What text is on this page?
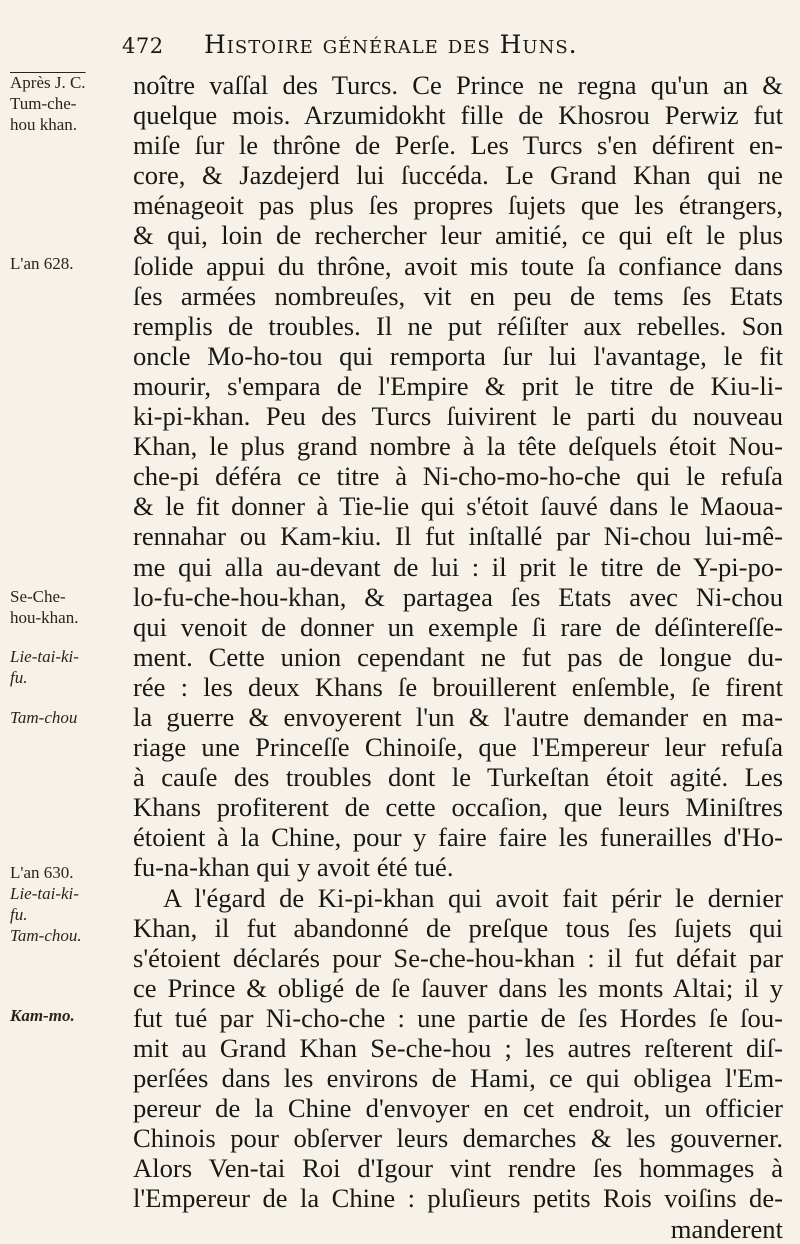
472 Histoire générale des Huns.
Après J. C.
Tum-che-
hou khan.
L'an 628.
Se-Che-
hou-khan.
Lie-tai-ki-
fu.
Tam-chou
L'an 630.
Lie-tai-ki-
fu.
Tam-chou.
Kam-mo.
noître vaſſal des Turcs. Ce Prince ne regna qu'un an &
quelque mois. Arzumidokht fille de Khosrou Perwiz fut
miſe ſur le thrône de Perſe. Les Turcs s'en défirent en-
core, & Jazdejerd lui ſuccéda. Le Grand Khan qui ne
ménageoit pas plus ſes propres ſujets que les étrangers,
& qui, loin de rechercher leur amitié, ce qui eſt le plus
ſolide appui du thrône, avoit mis toute ſa confiance dans
ſes armées nombreuſes, vit en peu de tems ſes Etats
remplis de troubles. Il ne put réſiſter aux rebelles. Son
oncle Mo-ho-tou qui remporta ſur lui l'avantage, le fit
mourir, s'empara de l'Empire & prit le titre de Kiu-li-
ki-pi-khan. Peu des Turcs ſuivirent le parti du nouveau
Khan, le plus grand nombre à la tête deſquels étoit Nou-
che-pi déféra ce titre à Ni-cho-mo-ho-che qui le refuſa
& le fit donner à Tie-lie qui s'étoit ſauvé dans le Maoua-
rennahar ou Kam-kiu. Il fut inſtallé par Ni-chou lui-mê-
me qui alla au-devant de lui : il prit le titre de Y-pi-po-
lo-fu-che-hou-khan, & partagea ſes Etats avec Ni-chou
qui venoit de donner un exemple ſi rare de déſintereſſe-
ment. Cette union cependant ne fut pas de longue du-
rée : les deux Khans ſe brouillerent enſemble, ſe firent
la guerre & envoyerent l'un & l'autre demander en ma-
riage une Princeſſe Chinoiſe, que l'Empereur leur refuſa
à cauſe des troubles dont le Turkeſtan étoit agité. Les
Khans profiterent de cette occaſion, que leurs Miniſtres
étoient à la Chine, pour y faire faire les funerailles d'Ho-
fu-na-khan qui y avoit été tué.
A l'égard de Ki-pi-khan qui avoit fait périr le dernier
Khan, il fut abandonné de preſque tous ſes ſujets qui
s'étoient déclarés pour Se-che-hou-khan : il fut défait par
ce Prince & obligé de ſe ſauver dans les monts Altai; il y
fut tué par Ni-cho-che : une partie de ſes Hordes ſe ſou-
mit au Grand Khan Se-che-hou ; les autres reſterent diſ-
perſées dans les environs de Hami, ce qui obligea l'Em-
pereur de la Chine d'envoyer en cet endroit, un officier
Chinois pour obſerver leurs demarches & les gouverner.
Alors Ven-tai Roi d'Igour vint rendre ſes hommages à
l'Empereur de la Chine : pluſieurs petits Rois voiſins de-
manderent
